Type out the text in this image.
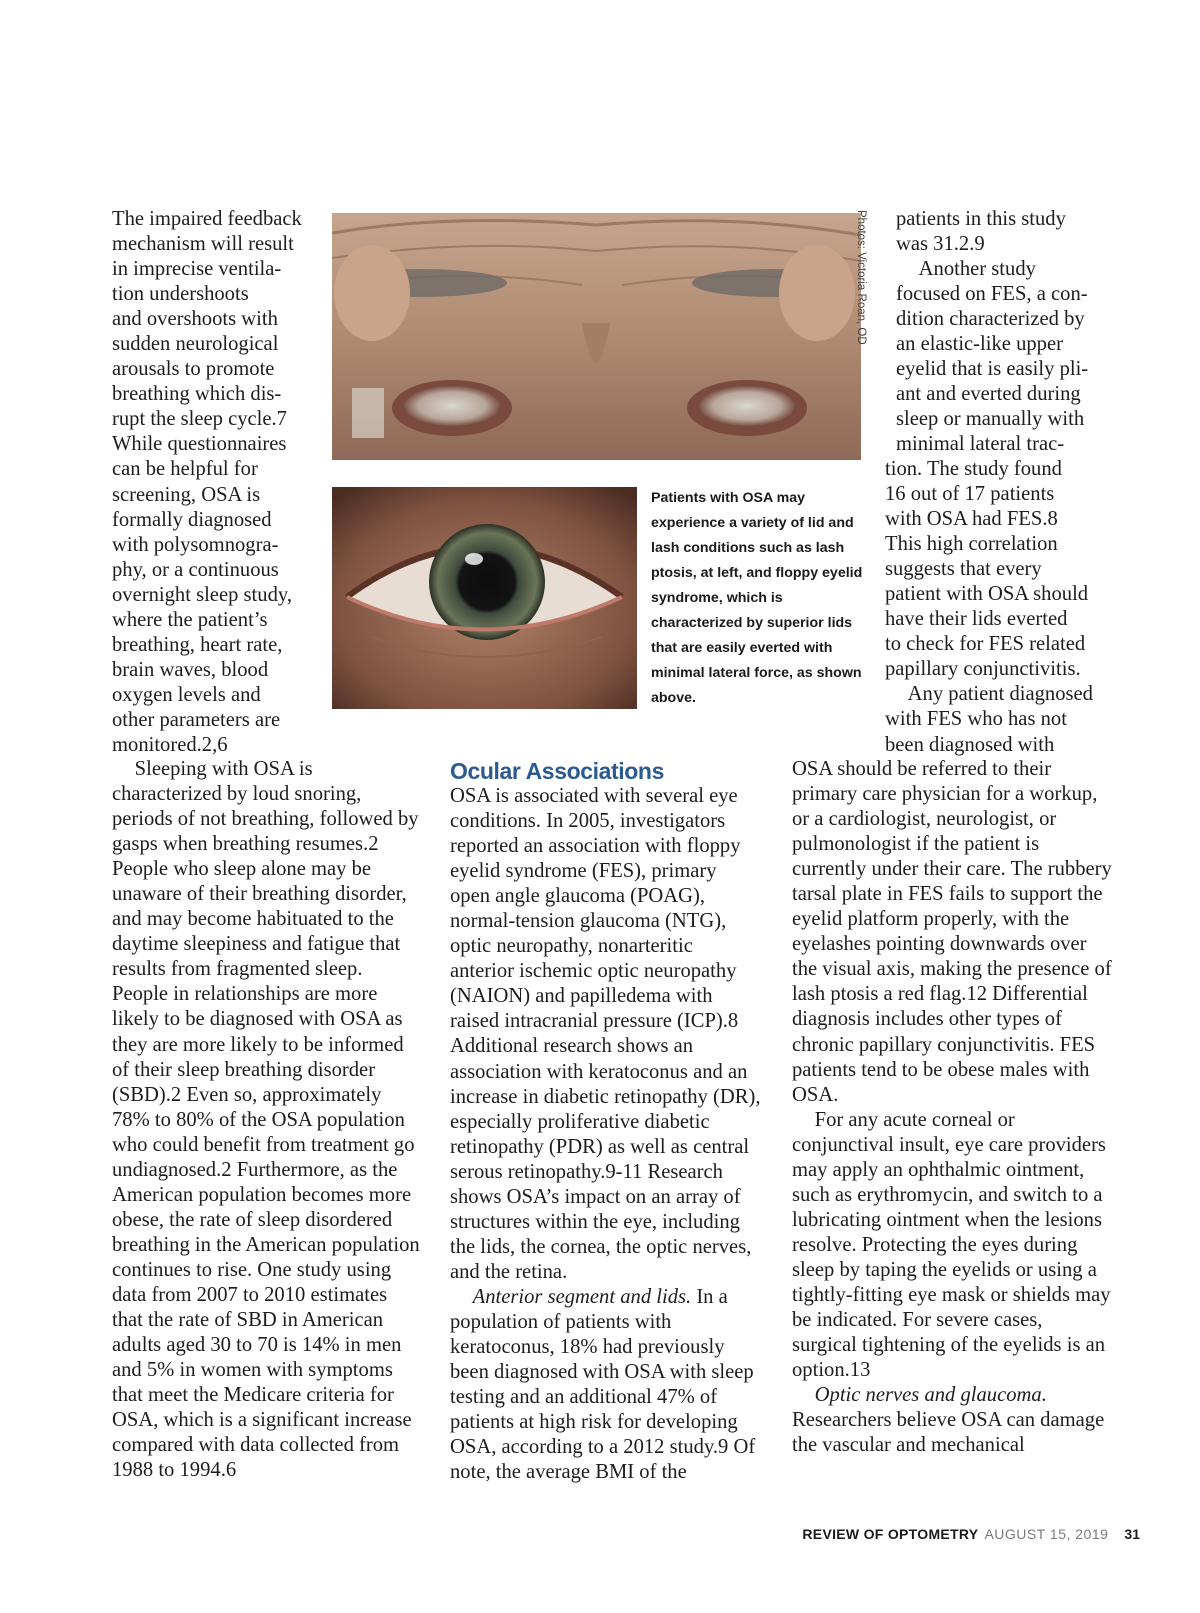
The impaired feedback
mechanism will result
in imprecise ventila-
tion undershoots
and overshoots with
sudden neurological
arousals to promote
breathing which dis-
rupt the sleep cycle.7
While questionnaires
can be helpful for
screening, OSA is
formally diagnosed
with polysomnogra-
phy, or a continuous
overnight sleep study,
where the patient’s
breathing, heart rate,
brain waves, blood
oxygen levels and
other parameters are
monitored.2,6

Sleeping with OSA is characterized by loud snoring, periods of not breathing, followed by gasps when breathing resumes.2 People who sleep alone may be unaware of their breathing disorder, and may become habituated to the daytime sleepiness and fatigue that results from fragmented sleep. People in relationships are more likely to be diagnosed with OSA as they are more likely to be informed of their sleep breathing disorder (SBD).2 Even so, approximately 78% to 80% of the OSA population who could benefit from treatment go undiagnosed.2 Furthermore, as the American population becomes more obese, the rate of sleep disordered breathing in the American population continues to rise. One study using data from 2007 to 2010 estimates that the rate of SBD in American adults aged 30 to 70 is 14% in men and 5% in women with symptoms that meet the Medicare criteria for OSA, which is a significant increase compared with data collected from 1988 to 1994.6

Photos: Victoria Roan, OD
Patients with OSA may experience a variety of lid and lash conditions such as lash ptosis, at left, and floppy eyelid syndrome, which is characterized by superior lids that are easily everted with minimal lateral force, as shown above.
Ocular Associations

OSA is associated with several eye conditions. In 2005, investigators reported an association with floppy eyelid syndrome (FES), primary open angle glaucoma (POAG), normal-tension glaucoma (NTG), optic neuropathy, nonarteritic anterior ischemic optic neuropathy (NAION) and papilledema with raised intracranial pressure (ICP).8 Additional research shows an association with keratoconus and an increase in diabetic retinopathy (DR), especially proliferative diabetic retinopathy (PDR) as well as central serous retinopathy.9-11 Research shows OSA’s impact on an array of structures within the eye, including the lids, the cornea, the optic nerves, and the retina.

Anterior segment and lids. In a population of patients with keratoconus, 18% had previously been diagnosed with OSA with sleep testing and an additional 47% of patients at high risk for developing OSA, according to a 2012 study.9 Of note, the average BMI of the

patients in this study
was 31.2.9
Another study
focused on FES, a con-
dition characterized by
an elastic-like upper
eyelid that is easily pli-
ant and everted during
sleep or manually with
minimal lateral trac-
tion. The study found
16 out of 17 patients
with OSA had FES.8
This high correlation
suggests that every
patient with OSA should
have their lids everted
to check for FES related
papillary conjunctivitis.
Any patient diagnosed
with FES who has not
been diagnosed with

OSA should be referred to their primary care physician for a workup, or a cardiologist, neurologist, or pulmonologist if the patient is currently under their care. The rubbery tarsal plate in FES fails to support the eyelid platform properly, with the eyelashes pointing downwards over the visual axis, making the presence of lash ptosis a red flag.12 Differential diagnosis includes other types of chronic papillary conjunctivitis. FES patients tend to be obese males with OSA.

For any acute corneal or conjunctival insult, eye care providers may apply an ophthalmic ointment, such as erythromycin, and switch to a lubricating ointment when the lesions resolve. Protecting the eyes during sleep by taping the eyelids or using a tightly-fitting eye mask or shields may be indicated. For severe cases, surgical tightening of the eyelids is an option.13

Optic nerves and glaucoma. Researchers believe OSA can damage the vascular and mechanical

REVIEW OF OPTOMETRY AUGUST 15, 2019 31
